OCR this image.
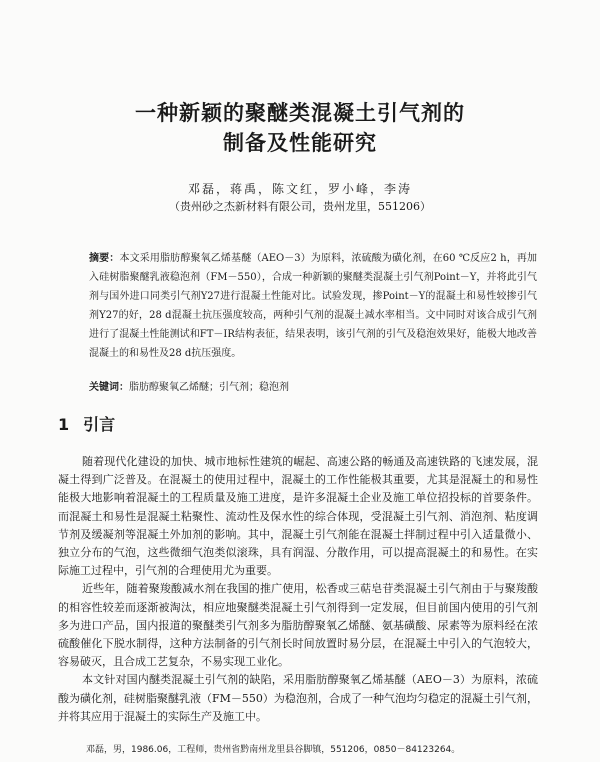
一种新颖的聚醚类混凝土引气剂的
制备及性能研究
邓磊，蒋禹，陈文红，罗小峰，李涛
（贵州砂之杰新材料有限公司，贵州龙里，551206）
摘要：本文采用脂肪醇聚氧乙烯基醚（AEO－3）为原料，浓硫酸为磺化剂，在60 ℃反应2 h，再加入硅树脂聚醚乳液稳泡剂（FM－550），合成一种新颖的聚醚类混凝土引气剂Point－Y，并将此引气剂与国外进口同类引气剂Y27进行混凝土性能对比。试验发现，掺Point－Y的混凝土和易性较掺引气剂Y27的好，28 d混凝土抗压强度较高，两种引气剂的混凝土减水率相当。文中同时对该合成引气剂进行了混凝土性能测试和FT－IR结构表征，结果表明，该引气剂的引气及稳泡效果好，能极大地改善混凝土的和易性及28 d抗压强度。
关键词：脂肪醇聚氧乙烯醚；引气剂；稳泡剂
1 引言

随着现代化建设的加快、城市地标性建筑的崛起、高速公路的畅通及高速铁路的飞速发展，混凝土得到广泛普及。在混凝土的使用过程中，混凝土的工作性能极其重要，尤其是混凝土的和易性能极大地影响着混凝土的工程质量及施工进度，是许多混凝土企业及施工单位招投标的首要条件。而混凝土和易性是混凝土粘聚性、流动性及保水性的综合体现，受混凝土引气剂、消泡剂、粘度调节剂及缓凝剂等混凝土外加剂的影响。其中，混凝土引气剂能在混凝土拌制过程中引入适量微小、独立分布的气泡，这些微细气泡类似滚珠，具有润湿、分散作用，可以提高混凝土的和易性。在实际施工过程中，引气剂的合理使用尤为重要。

近些年，随着聚羧酸减水剂在我国的推广使用，松香或三萜皂苷类混凝土引气剂由于与聚羧酸的相容性较差而逐渐被淘汰，相应地聚醚类混凝土引气剂得到一定发展，但目前国内使用的引气剂多为进口产品，国内报道的聚醚类引气剂多为脂肪醇聚氧乙烯醚、氨基磺酸、尿素等为原料经在浓硫酸催化下脱水制得，这种方法制备的引气剂长时间放置时易分层，在混凝土中引入的气泡较大，容易破灭，且合成工艺复杂，不易实现工业化。

本文针对国内醚类混凝土引气剂的缺陷，采用脂肪醇聚氧乙烯基醚（AEO－3）为原料，浓硫酸为磺化剂，硅树脂聚醚乳液（FM－550）为稳泡剂，合成了一种气泡均匀稳定的混凝土引气剂，并将其应用于混凝土的实际生产及施工中。

邓磊，男，1986.06，工程师，贵州省黔南州龙里县谷脚镇，551206，0850－84123264。
